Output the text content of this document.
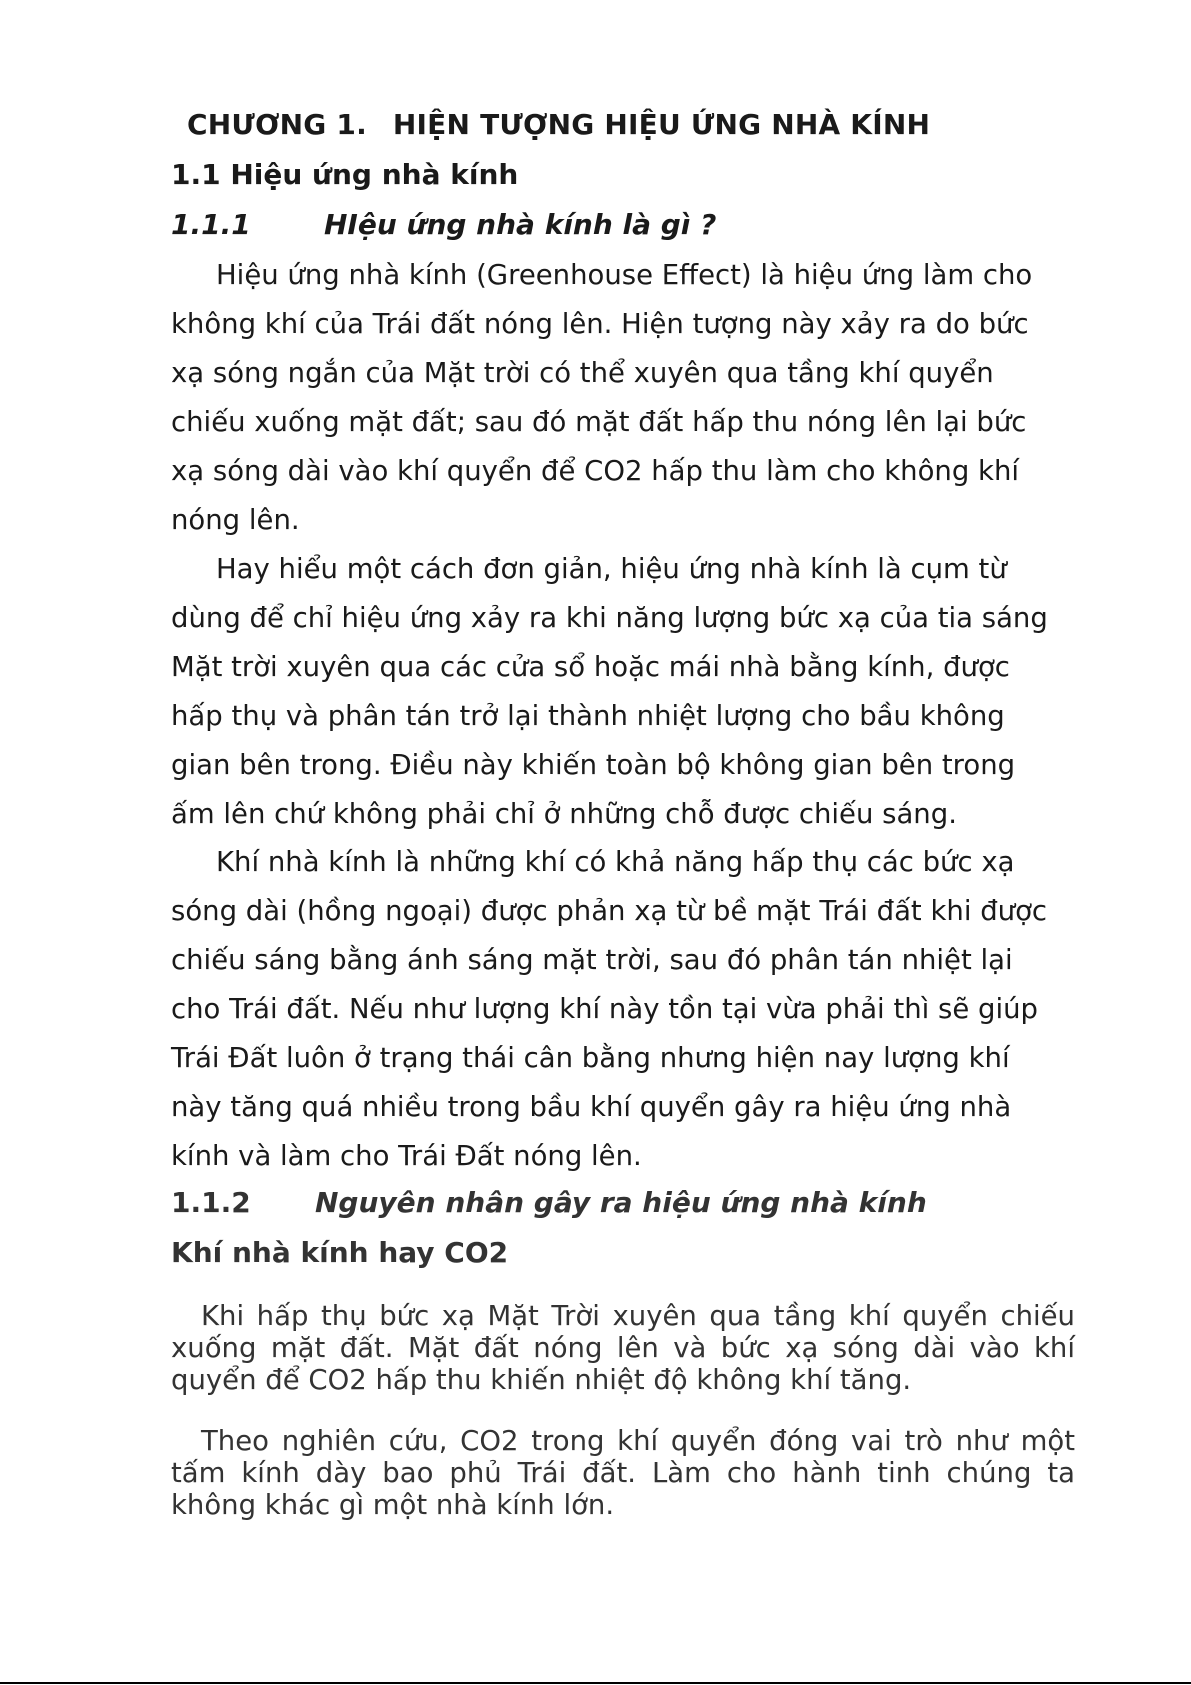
CHƯƠNG 1. HIỆN TƯỢNG HIỆU ỨNG NHÀ KÍNH
1.1 Hiệu ứng nhà kính
1.1.1	HIệu ứng nhà kính là gì ?
Hiệu ứng nhà kính (Greenhouse Effect) là hiệu ứng làm cho
không khí của Trái đất nóng lên. Hiện tượng này xảy ra do bức
xạ sóng ngắn của Mặt trời có thể xuyên qua tầng khí quyển
chiếu xuống mặt đất; sau đó mặt đất hấp thu nóng lên lại bức
xạ sóng dài vào khí quyển để CO2 hấp thu làm cho không khí
nóng lên.
Hay hiểu một cách đơn giản, hiệu ứng nhà kính là cụm từ
dùng để chỉ hiệu ứng xảy ra khi năng lượng bức xạ của tia sáng
Mặt trời xuyên qua các cửa sổ hoặc mái nhà bằng kính, được
hấp thụ và phân tán trở lại thành nhiệt lượng cho bầu không
gian bên trong. Điều này khiến toàn bộ không gian bên trong
ấm lên chứ không phải chỉ ở những chỗ được chiếu sáng.
Khí nhà kính là những khí có khả năng hấp thụ các bức xạ
sóng dài (hồng ngoại) được phản xạ từ bề mặt Trái đất khi được
chiếu sáng bằng ánh sáng mặt trời, sau đó phân tán nhiệt lại
cho Trái đất. Nếu như lượng khí này tồn tại vừa phải thì sẽ giúp
Trái Đất luôn ở trạng thái cân bằng nhưng hiện nay lượng khí
này tăng quá nhiều trong bầu khí quyển gây ra hiệu ứng nhà
kính và làm cho Trái Đất nóng lên.
1.1.2 Nguyên nhân gây ra hiệu ứng nhà kính
Khí nhà kính hay CO2
Khi hấp thụ bức xạ Mặt Trời xuyên qua tầng khí quyển chiếu
xuống mặt đất. Mặt đất nóng lên và bức xạ sóng dài vào khí
quyển để CO2 hấp thu khiến nhiệt độ không khí tăng.
Theo nghiên cứu, CO2 trong khí quyển đóng vai trò như một
tấm kính dày bao phủ Trái đất. Làm cho hành tinh chúng ta
không khác gì một nhà kính lớn.
